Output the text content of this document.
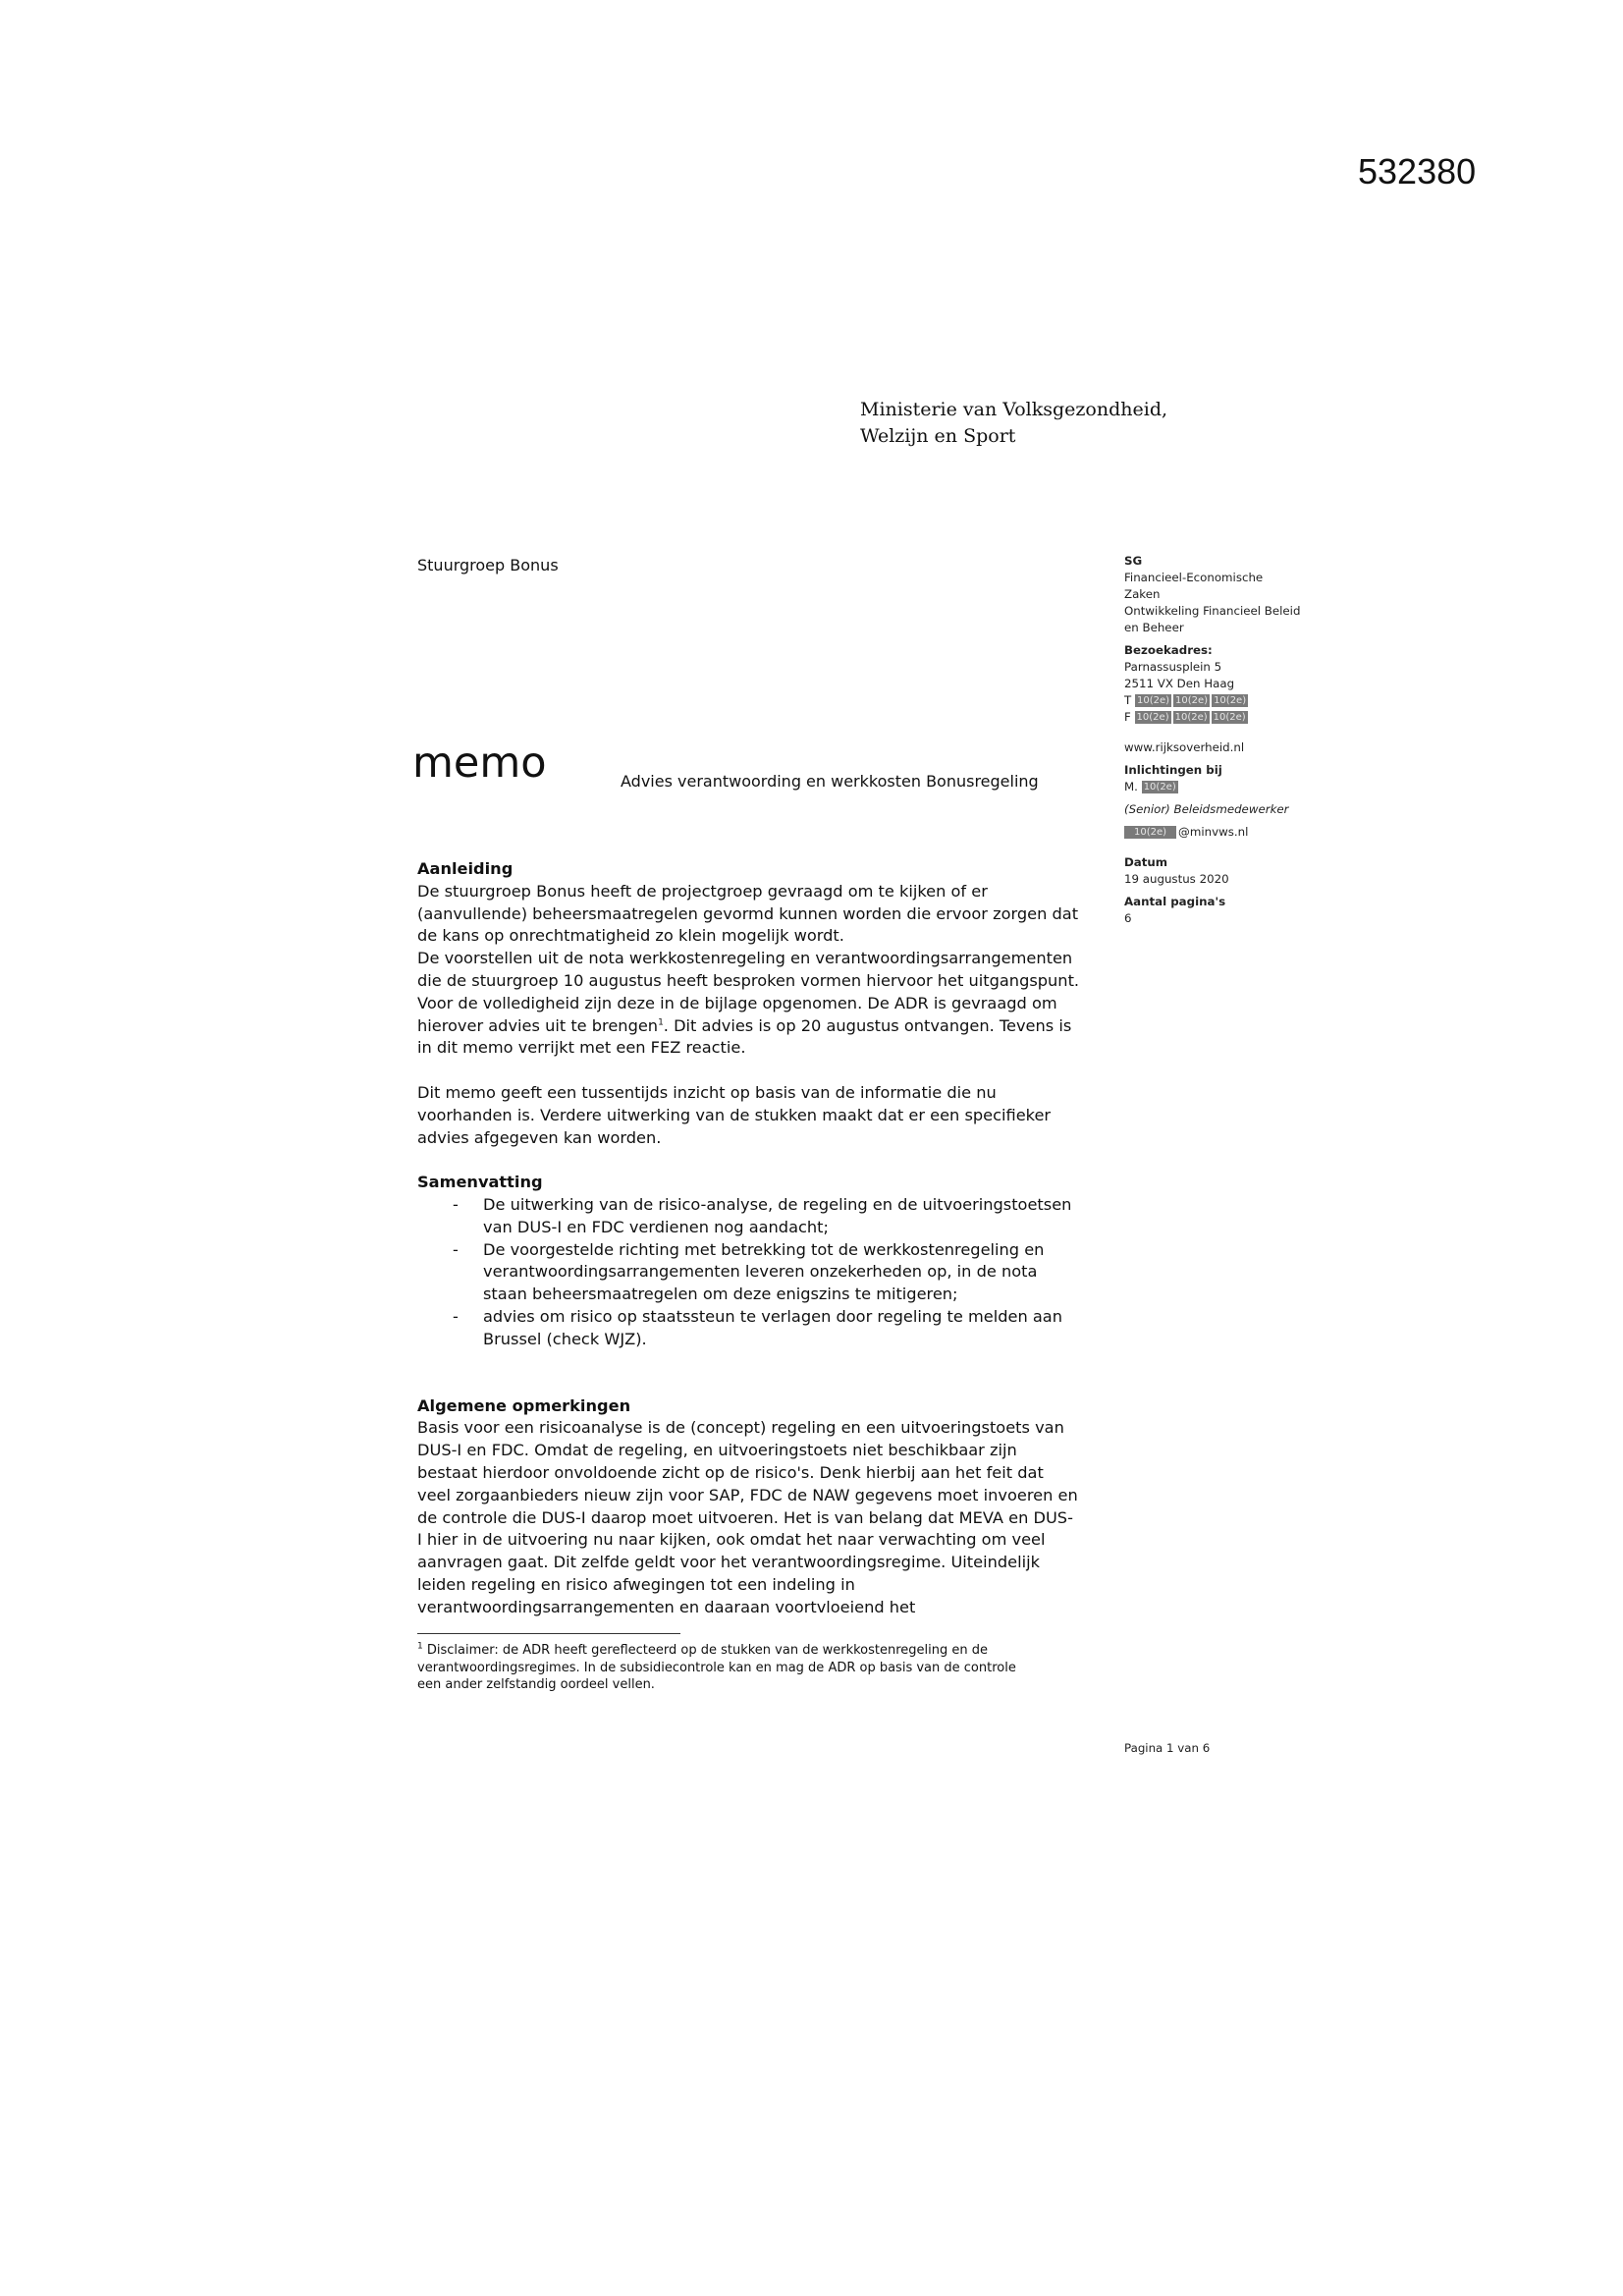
532380
Ministerie van Volksgezondheid,
Welzijn en Sport
Stuurgroep Bonus
memo	Advies verantwoording en werkkosten Bonusregeling
SG
Financieel-Economische
Zaken
Ontwikkeling Financieel Beleid
en Beheer
Bezoekadres:
Parnassusplein 5
2511 VX Den Haag
T 10(2e) 10(2e) 10(2e)
F 10(2e) 10(2e) 10(2e)
www.rijksoverheid.nl
Inlichtingen bij
M. 10(2e)
(Senior) Beleidsmedewerker
10(2e) @minvws.nl
Datum
19 augustus 2020
Aantal pagina's
6
Aanleiding
De stuurgroep Bonus heeft de projectgroep gevraagd om te kijken of er
(aanvullende) beheersmaatregelen gevormd kunnen worden die ervoor zorgen dat
de kans op onrechtmatigheid zo klein mogelijk wordt.
De voorstellen uit de nota werkkostenregeling en verantwoordingsarrangementen
die de stuurgroep 10 augustus heeft besproken vormen hiervoor het uitgangspunt.
Voor de volledigheid zijn deze in de bijlage opgenomen. De ADR is gevraagd om
hierover advies uit te brengen$^1$. Dit advies is op 20 augustus ontvangen. Tevens is
in dit memo verrijkt met een FEZ reactie.
Dit memo geeft een tussentijds inzicht op basis van de informatie die nu
voorhanden is. Verdere uitwerking van de stukken maakt dat er een specifieker
advies afgegeven kan worden.
Samenvatting
- De uitwerking van de risico-analyse, de regeling en de uitvoeringstoetsen
van DUS-I en FDC verdienen nog aandacht;
- De voorgestelde richting met betrekking tot de werkkostenregeling en
verantwoordingsarrangementen leveren onzekerheden op, in de nota
staan beheersmaatregelen om deze enigszins te mitigeren;
- advies om risico op staatssteun te verlagen door regeling te melden aan
Brussel (check WJZ).
Algemene opmerkingen
Basis voor een risicoanalyse is de (concept) regeling en een uitvoeringstoets van
DUS-I en FDC. Omdat de regeling, en uitvoeringstoets niet beschikbaar zijn
bestaat hierdoor onvoldoende zicht op de risico's. Denk hierbij aan het feit dat
veel zorgaanbieders nieuw zijn voor SAP, FDC de NAW gegevens moet invoeren en
de controle die DUS-I daarop moet uitvoeren. Het is van belang dat MEVA en DUS-
I hier in de uitvoering nu naar kijken, ook omdat het naar verwachting om veel
aanvragen gaat. Dit zelfde geldt voor het verantwoordingsregime. Uiteindelijk
leiden regeling en risico afwegingen tot een indeling in
verantwoordingsarrangementen en daaraan voortvloeiend het
$^1$ Disclaimer: de ADR heeft gereflecteerd op de stukken van de werkkostenregeling en de
verantwoordingsregimes. In de subsidiecontrole kan en mag de ADR op basis van de controle
een ander zelfstandig oordeel vellen.
Pagina 1 van 6
